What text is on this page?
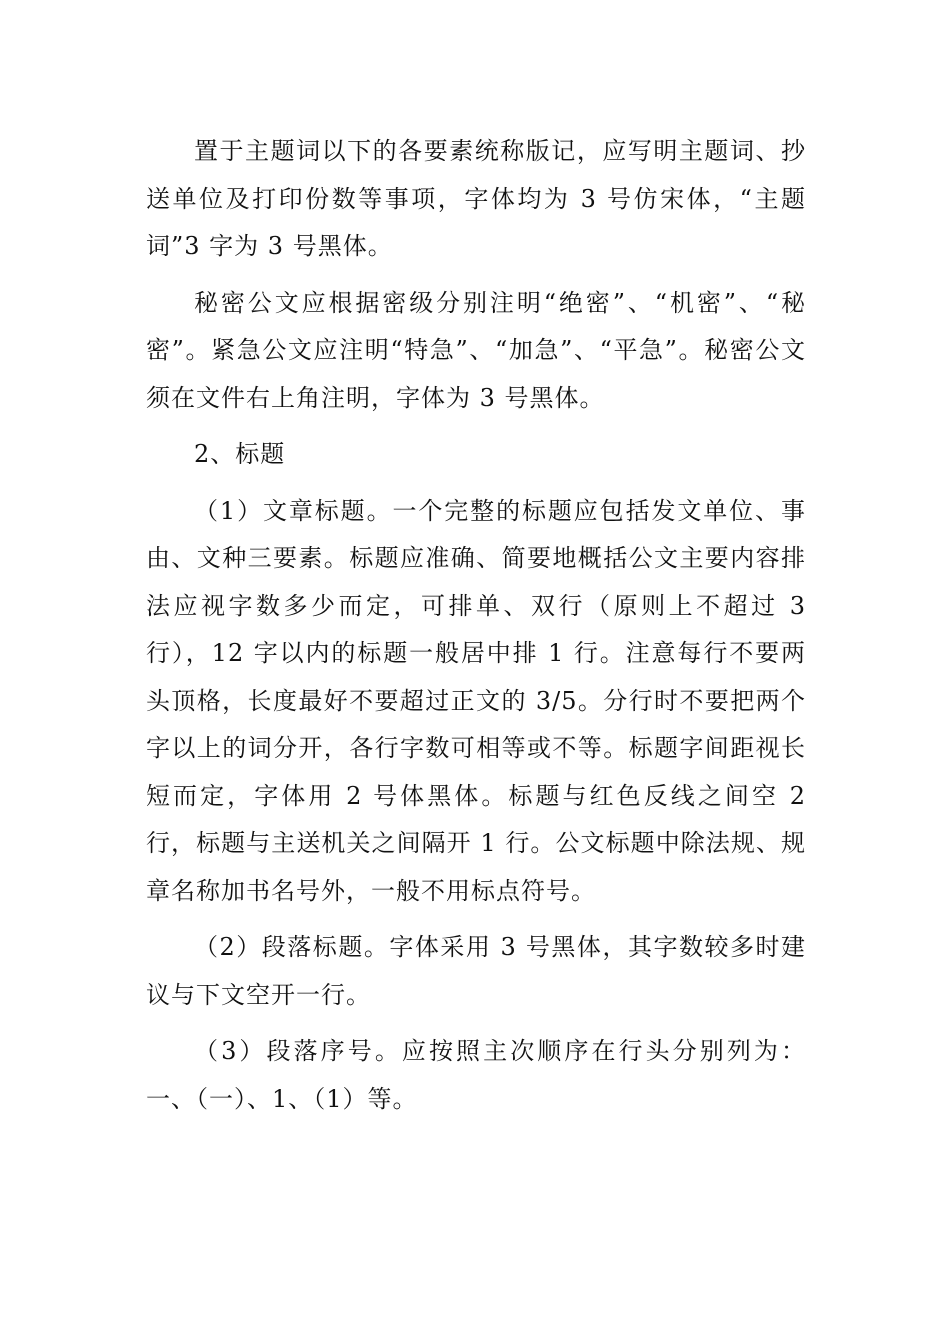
置于主题词以下的各要素统称版记，应写明主题词、抄送单位及打印份数等事项，字体均为 3 号仿宋体，“主题词”3 字为 3 号黑体。

秘密公文应根据密级分别注明“绝密”、“机密”、“秘密”。紧急公文应注明“特急”、“加急”、“平急”。秘密公文须在文件右上角注明，字体为 3 号黑体。

2、标题

（1）文章标题。一个完整的标题应包括发文单位、事由、文种三要素。标题应准确、简要地概括公文主要内容排法应视字数多少而定，可排单、双行（原则上不超过 3 行），12 字以内的标题一般居中排 1 行。注意每行不要两头顶格，长度最好不要超过正文的 3/5。分行时不要把两个字以上的词分开，各行字数可相等或不等。标题字间距视长短而定，字体用 2 号体黑体。标题与红色反线之间空 2 行，标题与主送机关之间隔开 1 行。公文标题中除法规、规章名称加书名号外，一般不用标点符号。

（2）段落标题。字体采用 3 号黑体，其字数较多时建议与下文空开一行。

（3）段落序号。应按照主次顺序在行头分别列为：一、（一）、1、（1）等。
